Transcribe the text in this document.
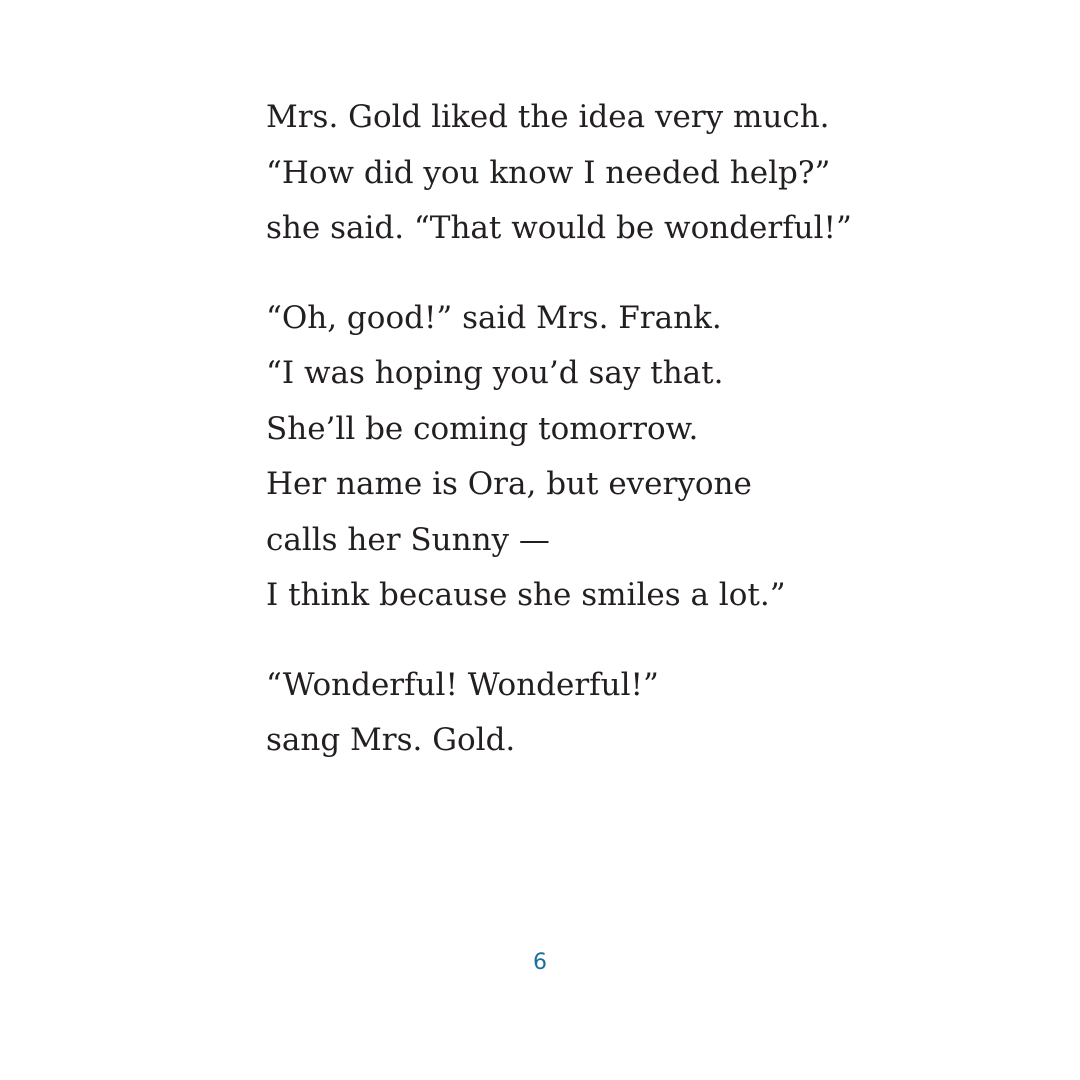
Mrs. Gold liked the idea very much.
“How did you know I needed help?”
she said. “That would be wonderful!”

“Oh, good!” said Mrs. Frank.
“I was hoping you’d say that.
She’ll be coming tomorrow.
Her name is Ora, but everyone
calls her Sunny —
I think because she smiles a lot.”

“Wonderful! Wonderful!”
sang Mrs. Gold.

6
